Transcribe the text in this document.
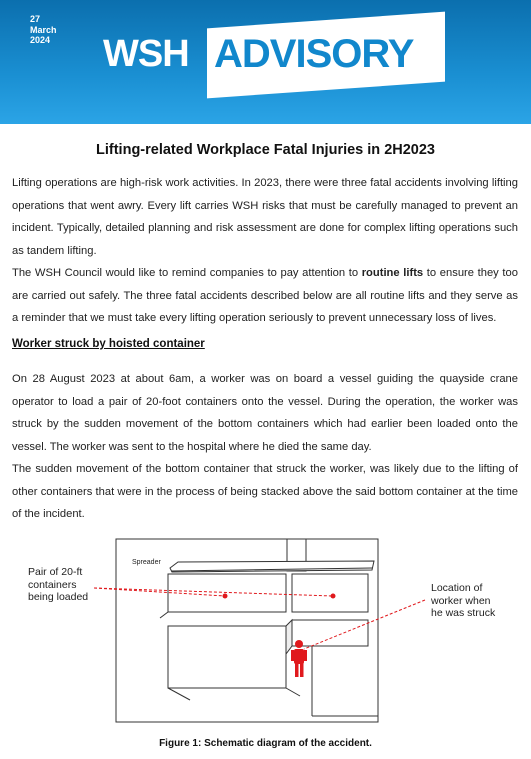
27
March
2024 WSH ADVISORY
Lifting-related Workplace Fatal Injuries in 2H2023

Lifting operations are high-risk work activities. In 2023, there were three fatal accidents involving lifting operations that went awry. Every lift carries WSH risks that must be carefully managed to prevent an incident. Typically, detailed planning and risk assessment are done for complex lifting operations such as tandem lifting.

The WSH Council would like to remind companies to pay attention to routine lifts to ensure they too are carried out safely. The three fatal accidents described below are all routine lifts and they serve as a reminder that we must take every lifting operation seriously to prevent unnecessary loss of lives.

Worker struck by hoisted container

On 28 August 2023 at about 6am, a worker was on board a vessel guiding the quayside crane operator to load a pair of 20-foot containers onto the vessel. During the operation, the worker was struck by the sudden movement of the bottom containers which had earlier been loaded onto the vessel. The worker was sent to the hospital where he died the same day.

The sudden movement of the bottom container that struck the worker, was likely due to the lifting of other containers that were in the process of being stacked above the said bottom container at the time of the incident.

Spreader
Pair of 20-ft
containers
being loaded
Location of
worker when
he was struck
Figure 1: Schematic diagram of the accident.
